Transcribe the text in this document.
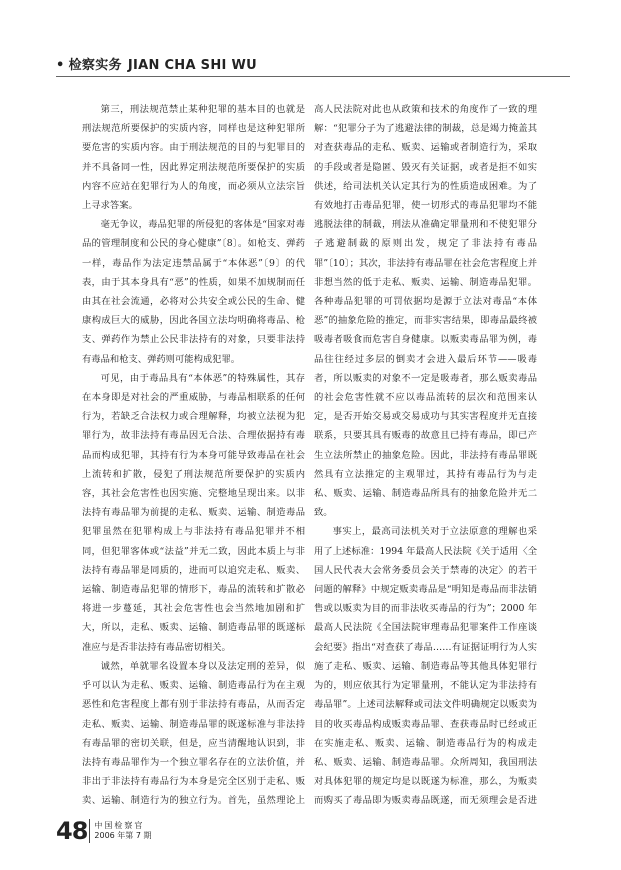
• 检察实务 JIAN CHA SHI WU

第三，刑法规范禁止某种犯罪的基本目的也就是刑法规范所要保护的实质内容，同样也是这种犯罪所要危害的实质内容。由于刑法规范的目的与犯罪目的并不具备同一性，因此界定刑法规范所要保护的实质内容不应站在犯罪行为人的角度，而必须从立法宗旨上寻求答案。

毫无争议，毒品犯罪的所侵犯的客体是“国家对毒品的管理制度和公民的身心健康”〔8〕。如枪支、弹药一样，毒品作为法定违禁品属于“本体恶”〔9〕的代表，由于其本身具有“恶”的性质，如果不加规制而任由其在社会流通，必将对公共安全或公民的生命、健康构成巨大的威胁，因此各国立法均明确将毒品、枪支、弹药作为禁止公民非法持有的对象，只要非法持有毒品和枪支、弹药则可能构成犯罪。

可见，由于毒品具有“本体恶”的特殊属性，其存在本身即是对社会的严重威胁，与毒品相联系的任何行为，若缺乏合法权力或合理解释，均被立法视为犯罪行为，故非法持有毒品因无合法、合理依据持有毒品而构成犯罪，其持有行为本身可能导致毒品在社会上流转和扩散，侵犯了刑法规范所要保护的实质内容，其社会危害性也因实施、完整地呈现出来。以非法持有毒品罪为前提的走私、贩卖、运输、制造毒品犯罪虽然在犯罪构成上与非法持有毒品犯罪并不相同，但犯罪客体或“法益”并无二致，因此本质上与非法持有毒品罪是同质的，进而可以追究走私、贩卖、运输、制造毒品犯罪的情形下，毒品的流转和扩散必将进一步蔓延，其社会危害性也会当然地加剧和扩大，所以，走私、贩卖、运输、制造毒品罪的既遂标准应与是否非法持有毒品密切相关。

诚然，单就罪名设置本身以及法定刑的差异，似乎可以认为走私、贩卖、运输、制造毒品行为在主观恶性和危害程度上都有别于非法持有毒品，从而否定走私、贩卖、运输、制造毒品罪的既遂标准与非法持有毒品罪的密切关联，但是，应当清醒地认识到，非法持有毒品罪作为一个独立罪名存在的立法价值，并非出于非法持有毒品行为本身是完全区别于走私、贩卖、运输、制造行为的独立行为。首先，虽然理论上

高人民法院对此也从政策和技术的角度作了一致的理解：“犯罪分子为了逃避法律的制裁，总是竭力掩盖其对查获毒品的走私、贩卖、运输或者制造行为，采取的手段或者是隐匿、毁灭有关证据，或者是拒不如实供述，给司法机关认定其行为的性质造成困难。为了有效地打击毒品犯罪，使一切形式的毒品犯罪均不能逃脱法律的制裁，刑法从准确定罪量刑和不使犯罪分子逃避制裁的原则出发，规定了非法持有毒品罪”〔10〕；其次，非法持有毒品罪在社会危害程度上并非想当然的低于走私、贩卖、运输、制造毒品犯罪。各种毒品犯罪的可罚依据均是源于立法对毒品“本体恶”的抽象危险的推定，而非实害结果，即毒品最终被吸毒者吸食而危害自身健康。以贩卖毒品罪为例，毒品往往经过多层的倒卖才会进入最后环节——吸毒者，所以贩卖的对象不一定是吸毒者，那么贩卖毒品的社会危害性就不应以毒品流转的层次和范围来认定，是否开始交易或交易成功与其实害程度并无直接联系，只要其具有贩毒的故意且已持有毒品，即已产生立法所禁止的抽象危险。因此，非法持有毒品罪既然具有立法推定的主观罪过，其持有毒品行为与走私、贩卖、运输、制造毒品所具有的抽象危险并无二致。

事实上，最高司法机关对于立法原意的理解也采用了上述标准：1994 年最高人民法院《关于适用〈全国人民代表大会常务委员会关于禁毒的决定〉的若干问题的解释》中规定贩卖毒品是“明知是毒品而非法销售或以贩卖为目的而非法收买毒品的行为”；2000 年最高人民法院《全国法院审理毒品犯罪案件工作座谈会纪要》指出“对查获了毒品……有证据证明行为人实施了走私、贩卖、运输、制造毒品等其他具体犯罪行为的，则应依其行为定罪量刑，不能认定为非法持有毒品罪”。上述司法解释或司法文件明确规定以贩卖为目的收买毒品构成贩卖毒品罪、查获毒品时已经或正在实施走私、贩卖、运输、制造毒品行为的构成走私、贩卖、运输、制造毒品罪。众所周知，我国刑法对具体犯罪的规定均是以既遂为标准，那么，为贩卖而购买了毒品即为贩卖毒品既遂，而无须理会是否进

48 中国检察官
2006 年第 7 期
